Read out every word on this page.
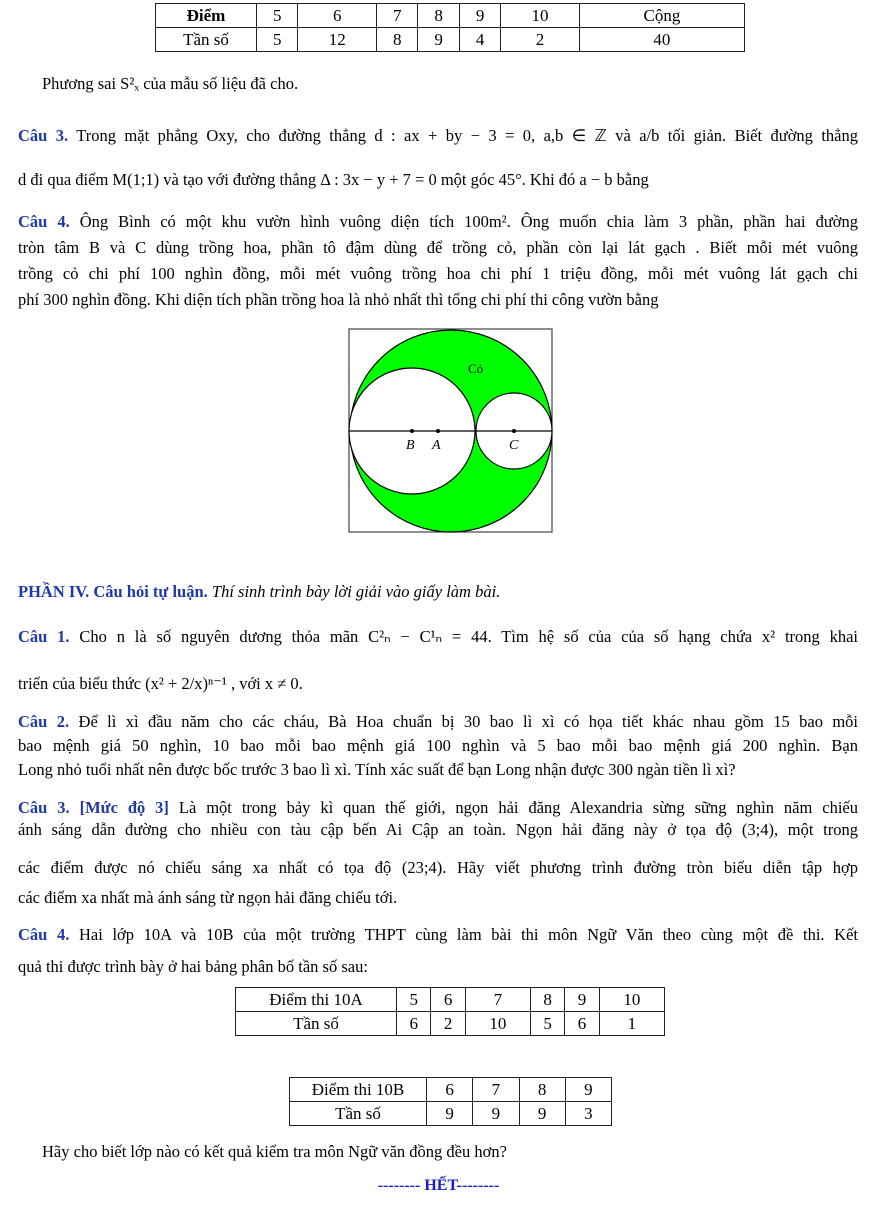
Điểm	5	6	7	8	9	10	Cộng
Tần số	5	12	8	9	4	2	40
Phương sai S²ₓ của mẫu số liệu đã cho.
Câu 3. Trong mặt phẳng Oxy, cho đường thẳng d : ax + by − 3 = 0, a,b ∈ ℤ và a/b tối giản. Biết đường thẳng
d đi qua điểm M(1;1) và tạo với đường thẳng Δ : 3x − y + 7 = 0 một góc 45°. Khi đó a − b bằng
Câu 4. Ông Bình có một khu vườn hình vuông diện tích 100m². Ông muốn chia làm 3 phần, phần hai đường
tròn tâm B và C dùng trồng hoa, phần tô đậm dùng để trồng cỏ, phần còn lại lát gạch . Biết mỗi mét vuông
trồng cỏ chi phí 100 nghìn đồng, mỗi mét vuông trồng hoa chi phí 1 triệu đồng, mỗi mét vuông lát gạch chi
phí 300 nghìn đồng. Khi diện tích phần trồng hoa là nhỏ nhất thì tổng chi phí thi công vườn bằng
Cỏ
B A	C
PHẦN IV. Câu hỏi tự luận. Thí sinh trình bày lời giải vào giấy làm bài.
Câu 1. Cho n là số nguyên dương thỏa mãn C²ₙ − C¹ₙ = 44. Tìm hệ số của của số hạng chứa x² trong khai
triển của biểu thức (x² + 2/x)ⁿ⁻¹ , với x ≠ 0.
Câu 2. Để lì xì đầu năm cho các cháu, Bà Hoa chuẩn bị 30 bao lì xì có họa tiết khác nhau gồm 15 bao mỗi
bao mệnh giá 50 nghìn, 10 bao mỗi bao mệnh giá 100 nghìn và 5 bao mỗi bao mệnh giá 200 nghìn. Bạn
Long nhỏ tuổi nhất nên được bốc trước 3 bao lì xì. Tính xác suất để bạn Long nhận được 300 ngàn tiền lì xì?
Câu 3. [Mức độ 3] Là một trong bảy kì quan thế giới, ngọn hải đăng Alexandria sừng sững nghìn năm chiếu
ánh sáng dẫn đường cho nhiều con tàu cập bến Ai Cập an toàn. Ngọn hải đăng này ở tọa độ (3;4), một trong
các điểm được nó chiếu sáng xa nhất có tọa độ (23;4). Hãy viết phương trình đường tròn biểu diễn tập hợp
các điểm xa nhất mà ánh sáng từ ngọn hải đăng chiếu tới.
Câu 4. Hai lớp 10A và 10B của một trường THPT cùng làm bài thi môn Ngữ Văn theo cùng một đề thi. Kết
quả thi được trình bày ở hai bảng phân bố tần số sau:
Điểm thi 10A	5	6	7	8	9	10
Tần số	6	2	10	5	6	1
Điểm thi 10B	6	7	8	9
Tần số	9	9	9	3
Hãy cho biết lớp nào có kết quả kiểm tra môn Ngữ văn đồng đều hơn?
-------- HẾT--------
